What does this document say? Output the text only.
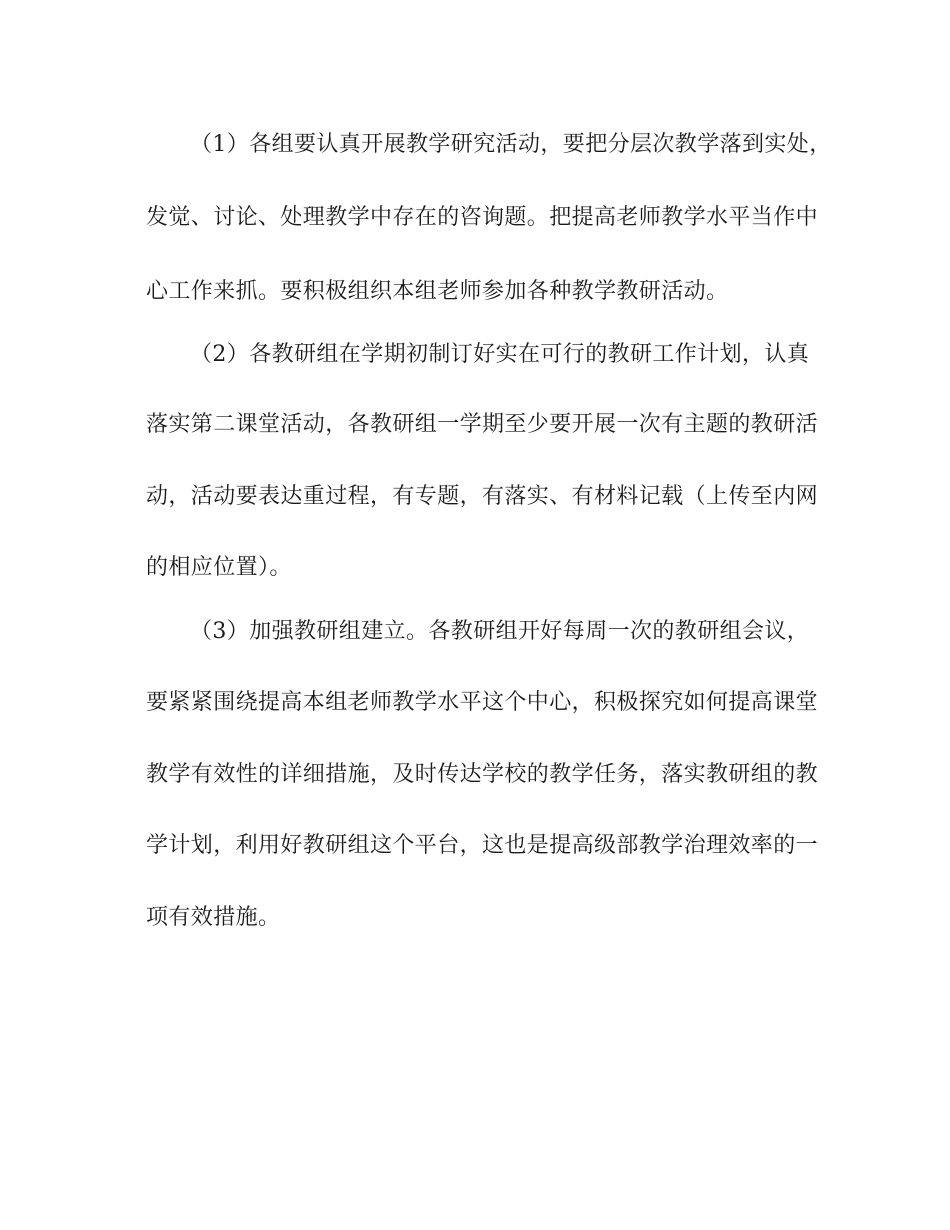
（1）各组要认真开展教学研究活动，要把分层次教学落到实处，
发觉、讨论、处理教学中存在的咨询题。把提高老师教学水平当作中
心工作来抓。要积极组织本组老师参加各种教学教研活动。
（2）各教研组在学期初制订好实在可行的教研工作计划，认真
落实第二课堂活动，各教研组一学期至少要开展一次有主题的教研活
动，活动要表达重过程，有专题，有落实、有材料记载（上传至内网
的相应位置）。
（3）加强教研组建立。各教研组开好每周一次的教研组会议，
要紧紧围绕提高本组老师教学水平这个中心，积极探究如何提高课堂
教学有效性的详细措施，及时传达学校的教学任务，落实教研组的教
学计划，利用好教研组这个平台，这也是提高级部教学治理效率的一
项有效措施。
